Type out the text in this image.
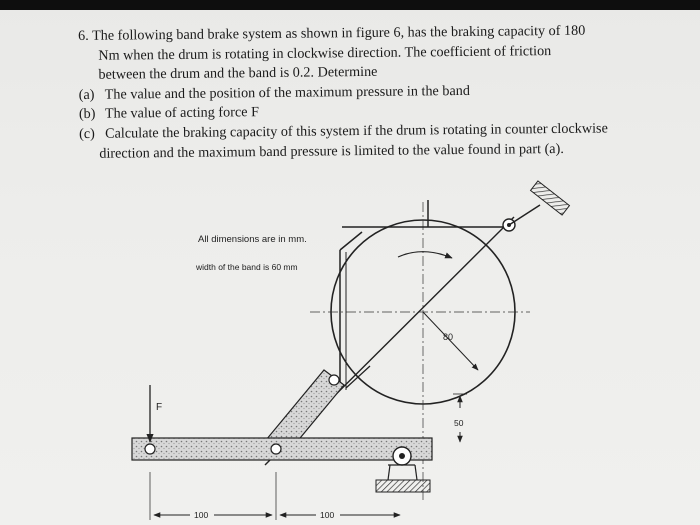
6. The following band brake system as shown in figure 6, has the braking capacity of 180
Nm when the drum is rotating in clockwise direction. The coefficient of friction
between the drum and the band is 0.2. Determine
(a) The value and the position of the maximum pressure in the band
(b) The value of acting force F
(c) Calculate the braking capacity of this system if the drum is rotating in counter clockwise
direction and the maximum band pressure is limited to the value found in part (a).
All dimensions are in mm.
width of the band is 60 mm
80
F
50
100	100
